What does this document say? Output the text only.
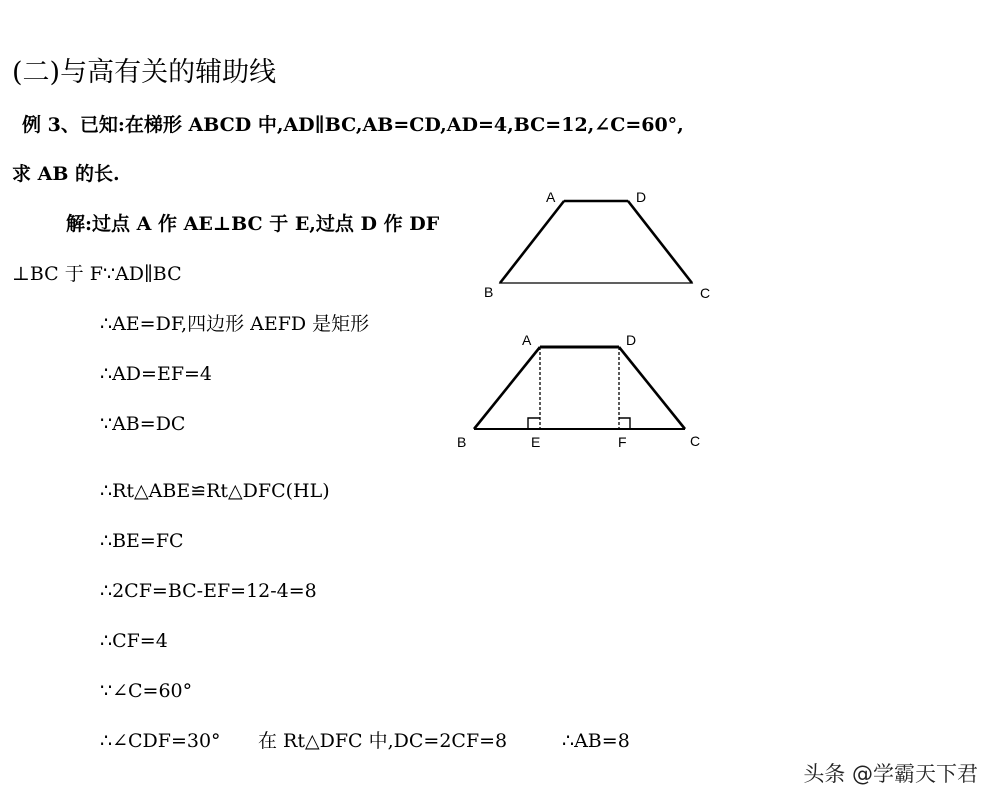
(二)与高有关的辅助线
例 3、已知:在梯形 ABCD 中,AD∥BC,AB=CD,AD=4,BC=12,∠C=60°,
求 AB 的长.
解:过点 A 作 AE⊥BC 于 E,过点 D 作 DF
⊥BC 于 F∵AD∥BC
∴AE=DF,四边形 AEFD 是矩形
∴AD=EF=4
∵AB=DC
∴Rt△ABE≌Rt△DFC(HL)
∴BE=FC
∴2CF=BC-EF=12-4=8
∴CF=4
∵∠C=60°
∴∠CDF=30° 在 Rt△DFC 中,DC=2CF=8	∴AB=8
A	D
B	C
A	D
B	E	F	C
头条 @学霸天下君
